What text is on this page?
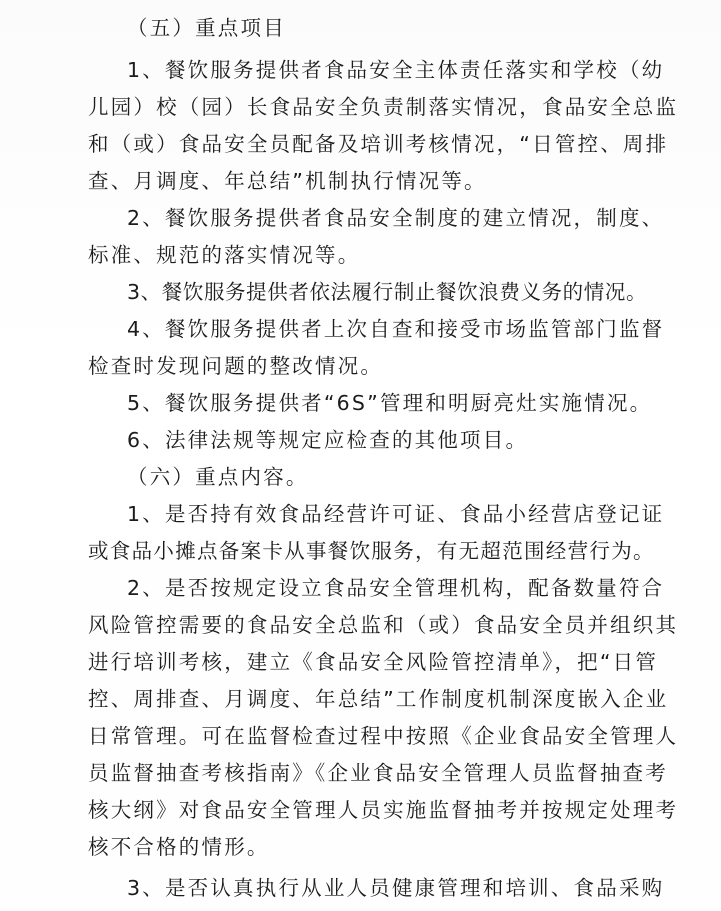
（五）重点项目
1、餐饮服务提供者食品安全主体责任落实和学校（幼
儿园）校（园）长食品安全负责制落实情况，食品安全总监
和（或）食品安全员配备及培训考核情况，“日管控、周排
查、月调度、年总结”机制执行情况等。
2、餐饮服务提供者食品安全制度的建立情况，制度、
标准、规范的落实情况等。
3、餐饮服务提供者依法履行制止餐饮浪费义务的情况。
4、餐饮服务提供者上次自查和接受市场监管部门监督
检查时发现问题的整改情况。
5、餐饮服务提供者“6S”管理和明厨亮灶实施情况。
6、法律法规等规定应检查的其他项目。
（六）重点内容。
1、是否持有效食品经营许可证、食品小经营店登记证
或食品小摊点备案卡从事餐饮服务，有无超范围经营行为。
2、是否按规定设立食品安全管理机构，配备数量符合
风险管控需要的食品安全总监和（或）食品安全员并组织其
进行培训考核，建立《食品安全风险管控清单》，把“日管
控、周排查、月调度、年总结”工作制度机制深度嵌入企业
日常管理。可在监督检查过程中按照《企业食品安全管理人
员监督抽查考核指南》《企业食品安全管理人员监督抽查考
核大纲》对食品安全管理人员实施监督抽考并按规定处理考
核不合格的情形。
3、是否认真执行从业人员健康管理和培训、食品采购
